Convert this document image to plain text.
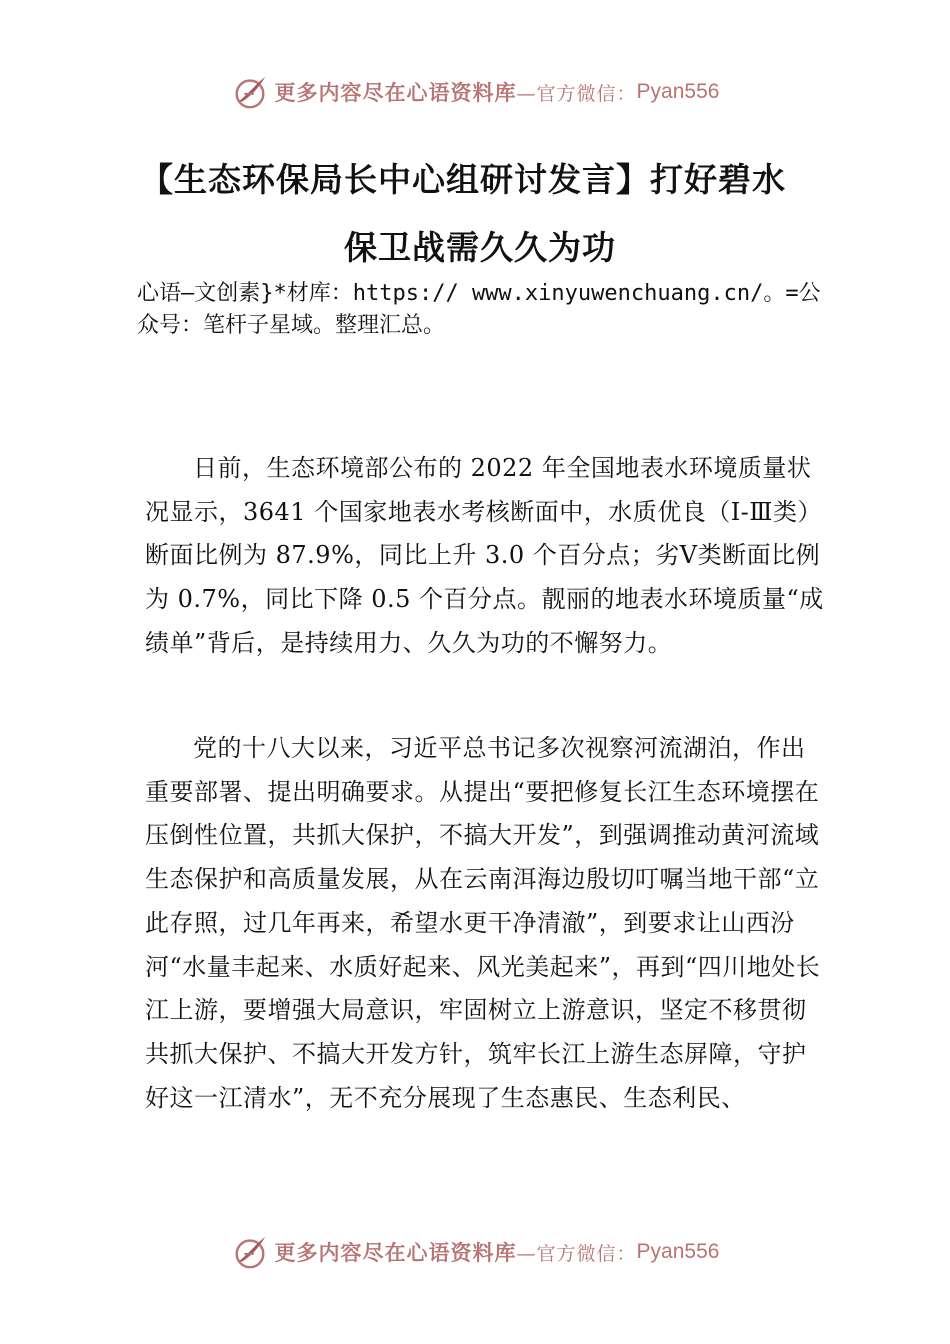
更多内容尽在心语资料库 —官方微信： Pyan556
【生态环保局长中心组研讨发言】打好碧水
保卫战需久久为功
心语—文创素}*材库：https:// www.xinyuwenchuang.cn/。=公众号：笔杆子星域。整理汇总。
日前，生态环境部公布的 2022 年全国地表水环境质量状况显示，3641 个国家地表水考核断面中，水质优良（Ⅰ-Ⅲ类）断面比例为 87.9%，同比上升 3.0 个百分点；劣Ⅴ类断面比例为 0.7%，同比下降 0.5 个百分点。靓丽的地表水环境质量“成绩单”背后，是持续用力、久久为功的不懈努力。
党的十八大以来，习近平总书记多次视察河流湖泊，作出重要部署、提出明确要求。从提出“要把修复长江生态环境摆在压倒性位置，共抓大保护，不搞大开发”，到强调推动黄河流域生态保护和高质量发展，从在云南洱海边殷切叮嘱当地干部“立此存照，过几年再来，希望水更干净清澈”，到要求让山西汾河“水量丰起来、水质好起来、风光美起来”，再到“四川地处长江上游，要增强大局意识，牢固树立上游意识，坚定不移贯彻共抓大保护、不搞大开发方针，筑牢长江上游生态屏障，守护好这一江清水”，无不充分展现了生态惠民、生态利民、
更多内容尽在心语资料库 —官方微信： Pyan556
